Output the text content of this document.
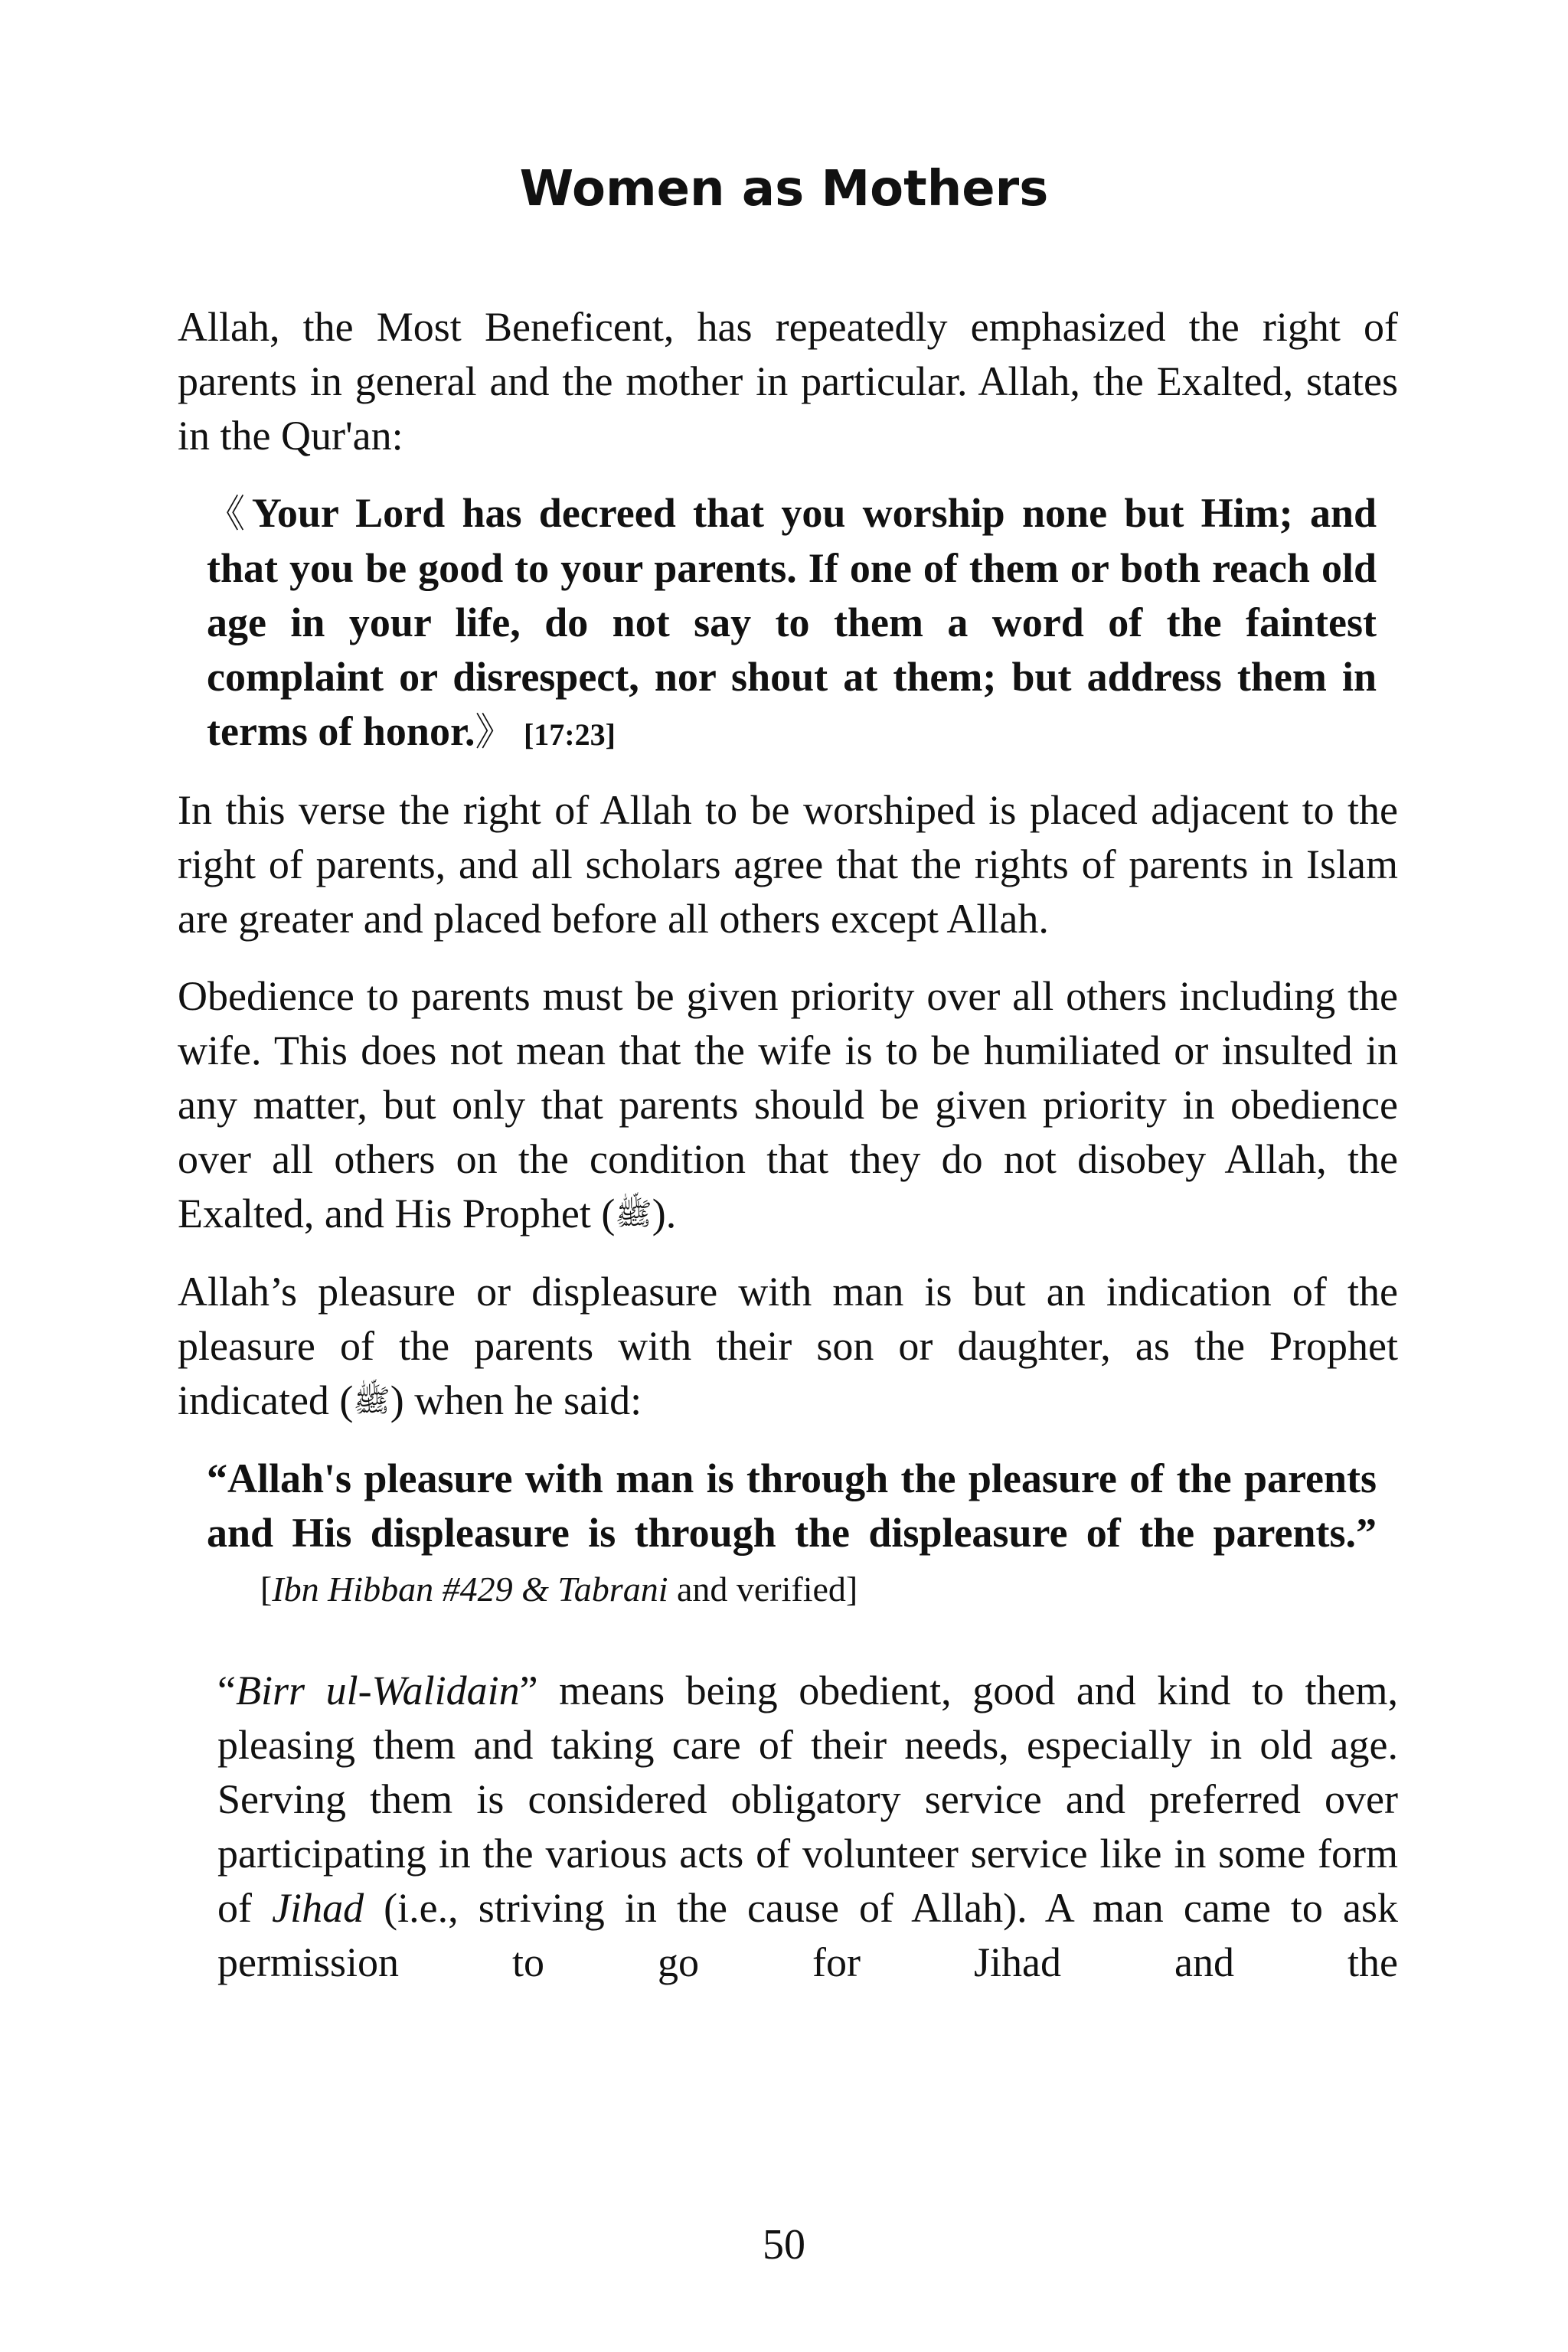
Women as Mothers

Allah, the Most Beneficent, has repeatedly emphasized the right of parents in general and the mother in particular. Allah, the Exalted, states in the Qur'an:

《Your Lord has decreed that you worship none but Him; and that you be good to your parents. If one of them or both reach old age in your life, do not say to them a word of the faintest complaint or disrespect, nor shout at them; but address them in terms of honor.》 [17:23]

In this verse the right of Allah to be worshiped is placed adjacent to the right of parents, and all scholars agree that the rights of parents in Islam are greater and placed before all others except Allah.

Obedience to parents must be given priority over all others including the wife. This does not mean that the wife is to be humiliated or insulted in any matter, but only that parents should be given priority in obedience over all others on the condition that they do not disobey Allah, the Exalted, and His Prophet (ﷺ).

Allah’s pleasure or displeasure with man is but an indication of the pleasure of the parents with their son or daughter, as the Prophet indicated (ﷺ) when he said:

“Allah's pleasure with man is through the pleasure of the parents and His displeasure is through the displeasure of the parents.” [Ibn Hibban #429 & Tabrani and verified]

“Birr ul-Walidain” means being obedient, good and kind to them, pleasing them and taking care of their needs, especially in old age. Serving them is considered obligatory service and preferred over participating in the various acts of volunteer service like in some form of Jihad (i.e., striving in the cause of Allah). A man came to ask permission to go for Jihad and the

50
